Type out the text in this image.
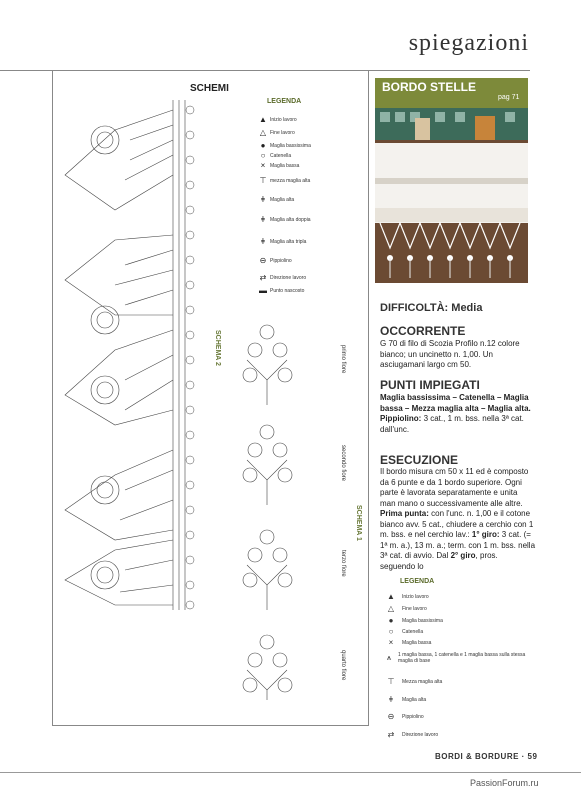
spiegazioni
SCHEMI
SCHEMA 2
SCHEMA 1
primo fiore
secondo fiore
terzo fiore
quarto fiore
LEGENDA
▲ Inizio lavoro
△ Fine lavoro
● Maglia bassissima
○ Catenella
× Maglia bassa
⊤ mezza maglia alta
ǂ Maglia alta
ǂ Maglia alta doppia
ǂ Maglia alta tripla
⊖ Pippiolino
⇄ Direzione lavoro
▬ Punto nascosto
BORDO STELLE
pag 71
DIFFICOLTÀ: Media
OCCORRENTE
G 70 di filo di Scozia Profilo n.12 colore bianco; un uncinetto n. 1,00. Un asciugamani largo cm 50.
PUNTI IMPIEGATI
Maglia bassissima – Catenella – Maglia bassa – Mezza maglia alta – Maglia alta.
Pippiolino: 3 cat., 1 m. bss. nella 3ª cat. dall'unc.
ESECUZIONE
Il bordo misura cm 50 x 11 ed è composto da 6 punte e da 1 bordo superiore. Ogni parte è lavorata separatamente e unita man mano o successivamente alle altre. Prima punta: con l'unc. n. 1,00 e il cotone bianco avv. 5 cat., chiudere a cerchio con 1 m. bss. e nel cerchio lav.: 1° giro: 3 cat. (= 1ª m. a.), 13 m. a.; term. con 1 m. bss. nella 3ª cat. di avvio. Dal 2° giro, pros. seguendo lo
LEGENDA
▲	Inizio lavoro
△	Fine lavoro
●	Maglia bassissima
○	Catenella
×	Maglia bassa
⩚	1 maglia bassa, 1 catenella e 1 maglia bassa sulla stessa maglia di base
⊤	Mezza maglia alta
ǂ	Maglia alta
⊖	Pippiolino
⇄	Direzione lavoro
BORDI & BORDURE · 59
PassionForum.ru
